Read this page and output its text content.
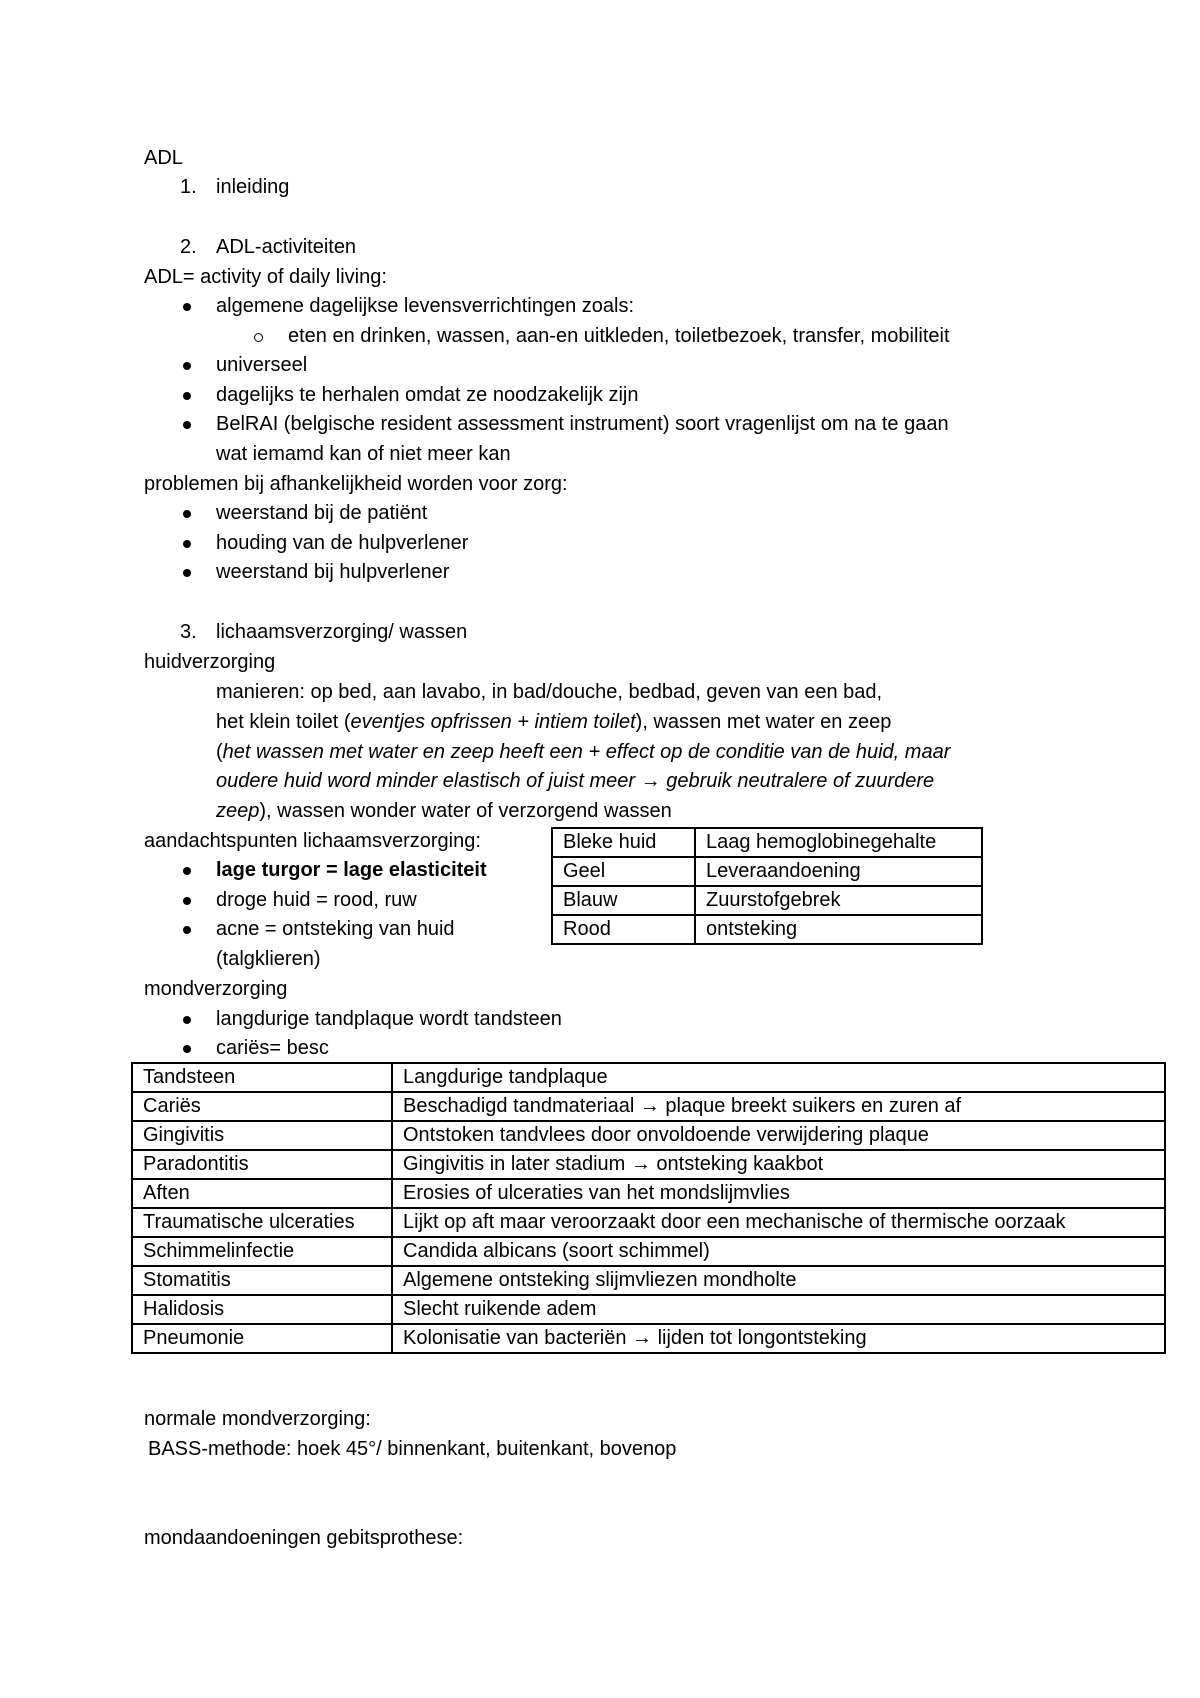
ADL
1. inleiding
2. ADL-activiteiten
ADL= activity of daily living:
algemene dagelijkse levensverrichtingen zoals:
eten en drinken, wassen, aan-en uitkleden, toiletbezoek, transfer, mobiliteit
universeel
dagelijks te herhalen omdat ze noodzakelijk zijn
BelRAI (belgische resident assessment instrument) soort vragenlijst om na te gaan
wat iemamd kan of niet meer kan
problemen bij afhankelijkheid worden voor zorg:
weerstand bij de patiënt
houding van de hulpverlener
weerstand bij hulpverlener
3. lichaamsverzorging/ wassen
huidverzorging
manieren: op bed, aan lavabo, in bad/douche, bedbad, geven van een bad,
het klein toilet (eventjes opfrissen + intiem toilet), wassen met water en zeep
(het wassen met water en zeep heeft een + effect op de conditie van de huid, maar
oudere huid word minder elastisch of juist meer → gebruik neutralere of zuurdere
zeep), wassen wonder water of verzorgend wassen
aandachtspunten lichaamsverzorging:
lage turgor = lage elasticiteit
droge huid = rood, ruw
acne = ontsteking van huid
(talgklieren)
Bleke huid	Laag hemoglobinegehalte
Geel	Leveraandoening
Blauw	Zuurstofgebrek
Rood	ontsteking
mondverzorging
langdurige tandplaque wordt tandsteen
cariës= besc
Tandsteen	Langdurige tandplaque
Cariës	Beschadigd tandmateriaal → plaque breekt suikers en zuren af
Gingivitis	Ontstoken tandvlees door onvoldoende verwijdering plaque
Paradontitis	Gingivitis in later stadium → ontsteking kaakbot
Aften	Erosies of ulceraties van het mondslijmvlies
Traumatische ulceraties	Lijkt op aft maar veroorzaakt door een mechanische of thermische oorzaak
Schimmelinfectie	Candida albicans (soort schimmel)
Stomatitis	Algemene ontsteking slijmvliezen mondholte
Halidosis	Slecht ruikende adem
Pneumonie	Kolonisatie van bacteriën → lijden tot longontsteking
normale mondverzorging:
BASS-methode: hoek 45°/ binnenkant, buitenkant, bovenop
mondaandoeningen gebitsprothese:
